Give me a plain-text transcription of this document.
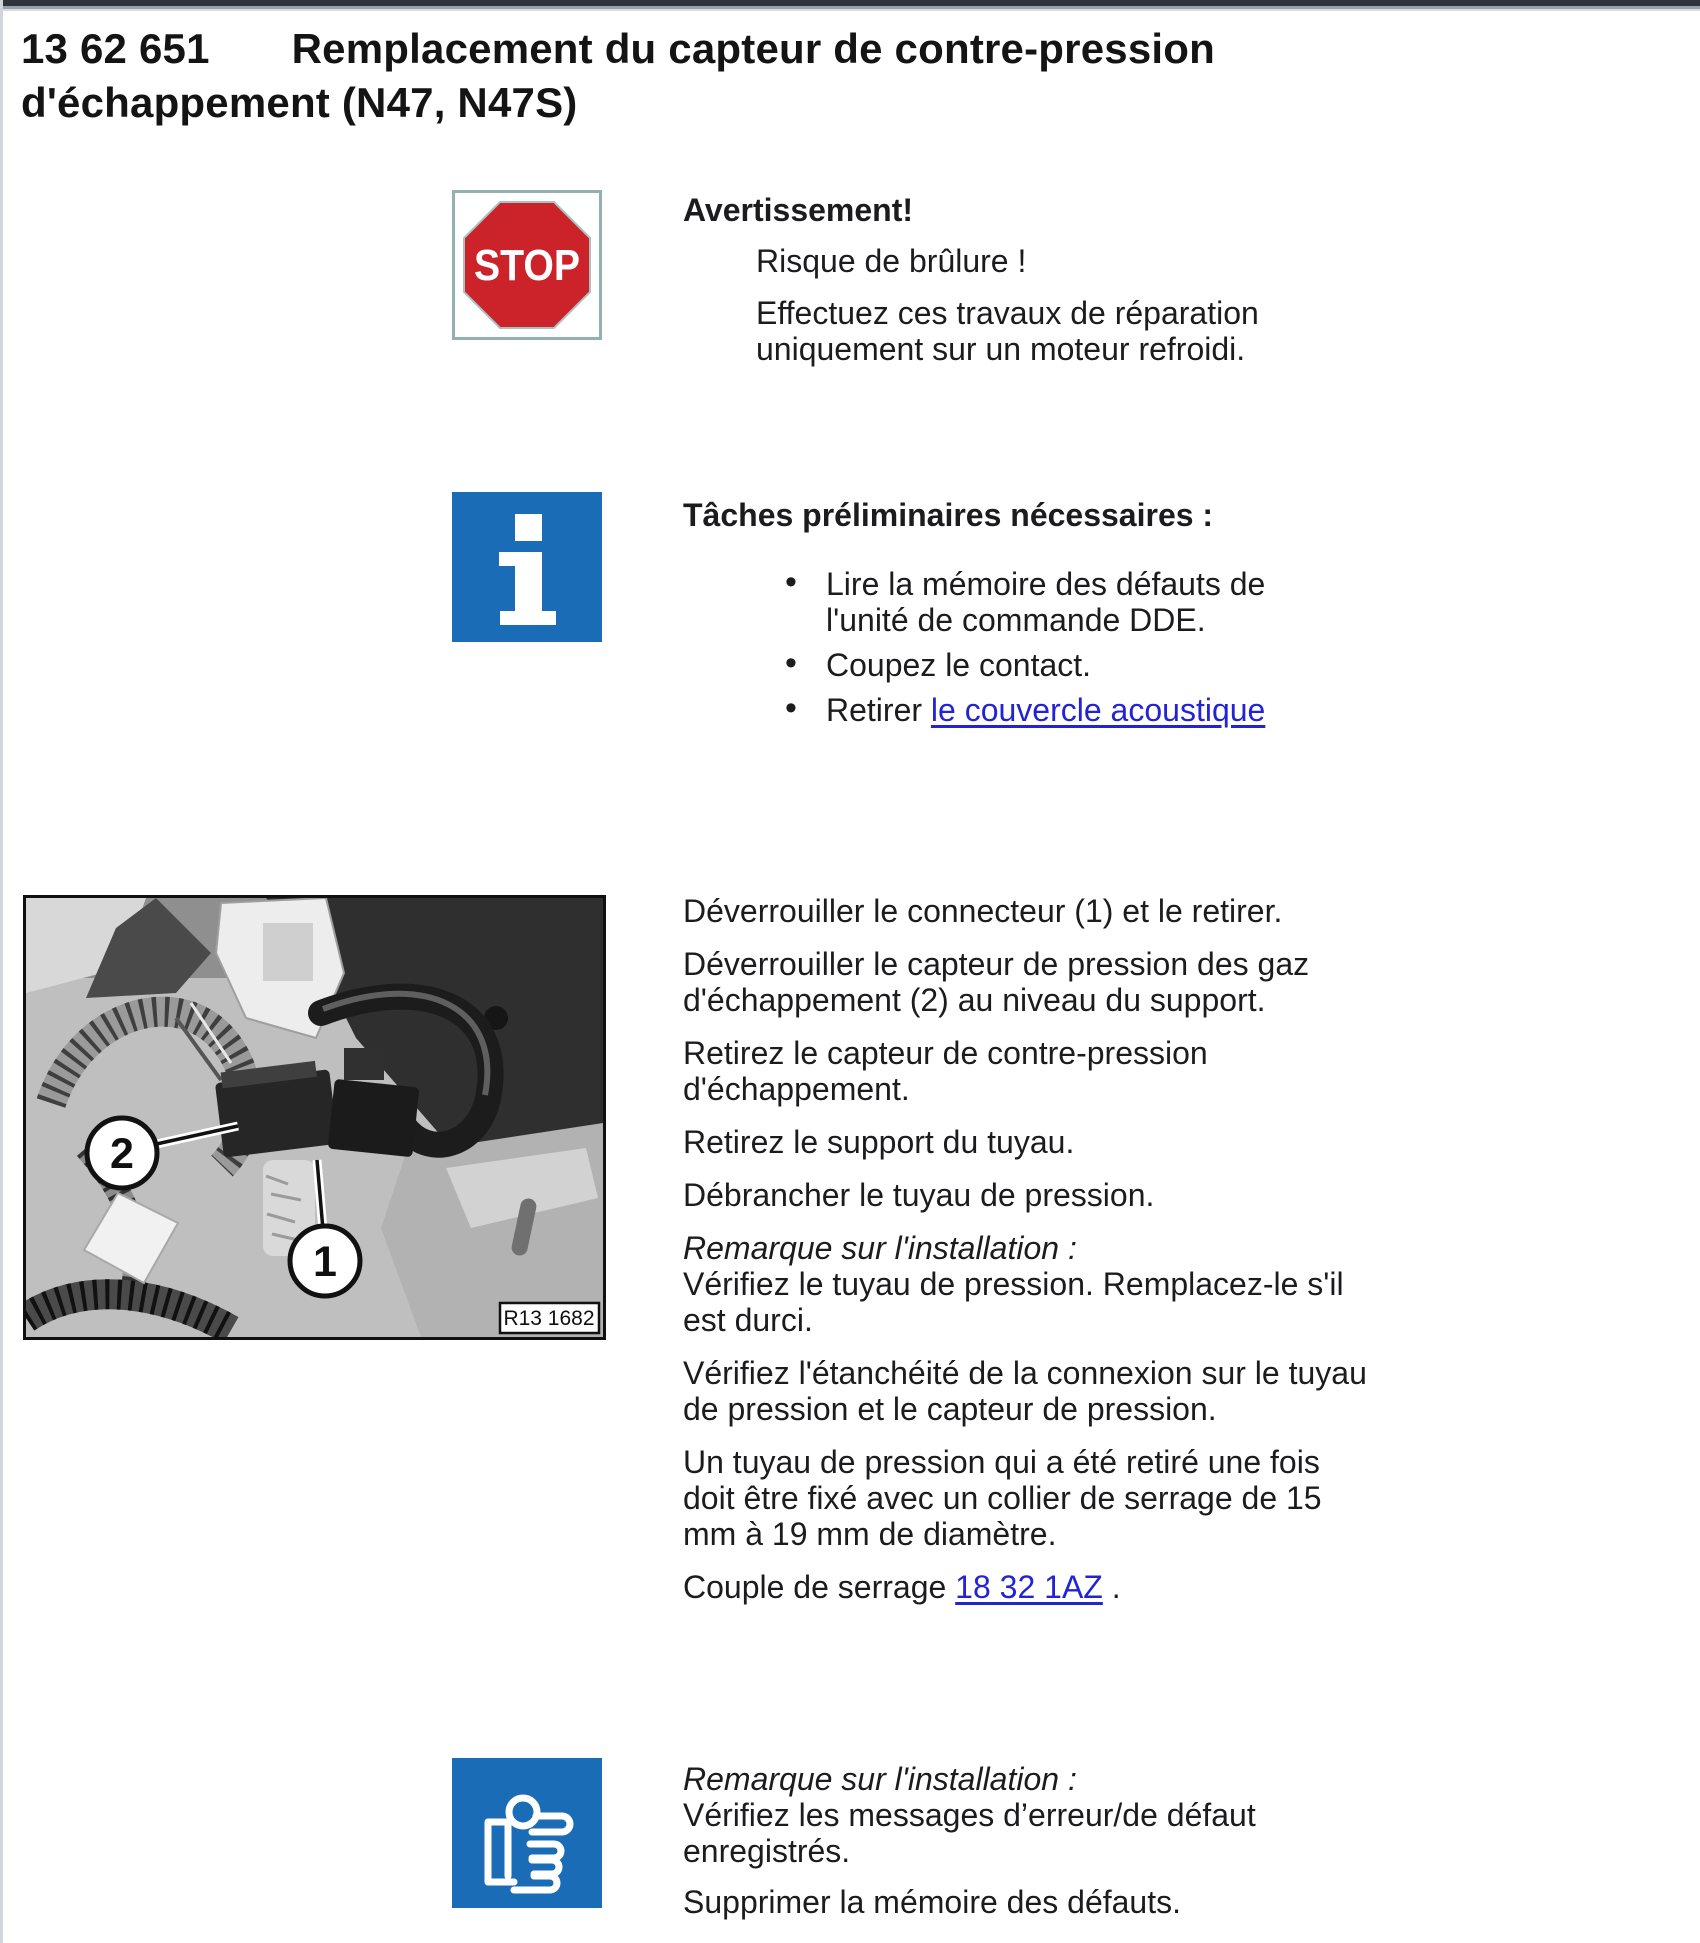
13 62 651 Remplacement du capteur de contre-pression d'échappement (N47, N47S)
STOP

Avertissement!

Risque de brûlure !

Effectuez ces travaux de réparation uniquement sur un moteur refroidi.

Tâches préliminaires nécessaires :

• Lire la mémoire des défauts de l'unité de commande DDE.
• Coupez le contact.
• Retirer le couvercle acoustique
2
1
R13 1682

Déverrouiller le connecteur (1) et le retirer.

Déverrouiller le capteur de pression des gaz d'échappement (2) au niveau du support.

Retirez le capteur de contre-pression d'échappement.

Retirez le support du tuyau.

Débrancher le tuyau de pression.

Remarque sur l'installation :
Vérifiez le tuyau de pression. Remplacez-le s'il est durci.

Vérifiez l'étanchéité de la connexion sur le tuyau de pression et le capteur de pression.

Un tuyau de pression qui a été retiré une fois doit être fixé avec un collier de serrage de 15 mm à 19 mm de diamètre.

Couple de serrage 18 32 1AZ .

Remarque sur l'installation :
Vérifiez les messages d’erreur/de défaut enregistrés.

Supprimer la mémoire des défauts.
